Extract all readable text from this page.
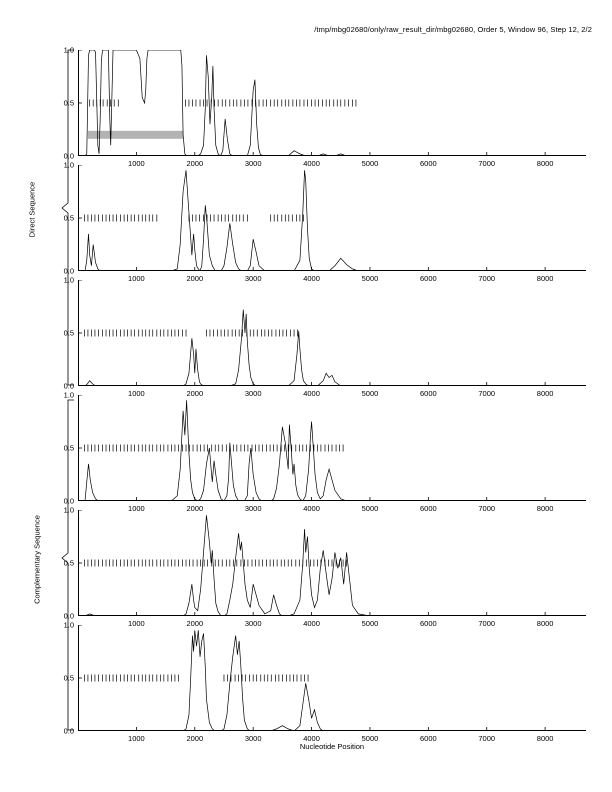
/tmp/mbg02680/only/raw_result_dir/mbg02680, Order 5, Window 96, Step 12, 2/2
Direct Sequence
Complementary Sequence
0.0
0.5
1.0
1000	2000	3000	4000	5000	6000	7000	8000
0.0
0.5
1.0
1000	2000	3000	4000	5000	6000	7000	8000
0.0
0.5
1.0
1000	2000	3000	4000	5000	6000	7000	8000
0.0
0.5
1.0
1000	2000	3000	4000	5000	6000	7000	8000
0.0
0.5
1.0
1000	2000	3000	4000	5000	6000	7000	8000
0.0
0.5
1.0
1000	2000	3000	4000	5000	6000	7000	8000
Nucleotide Position
